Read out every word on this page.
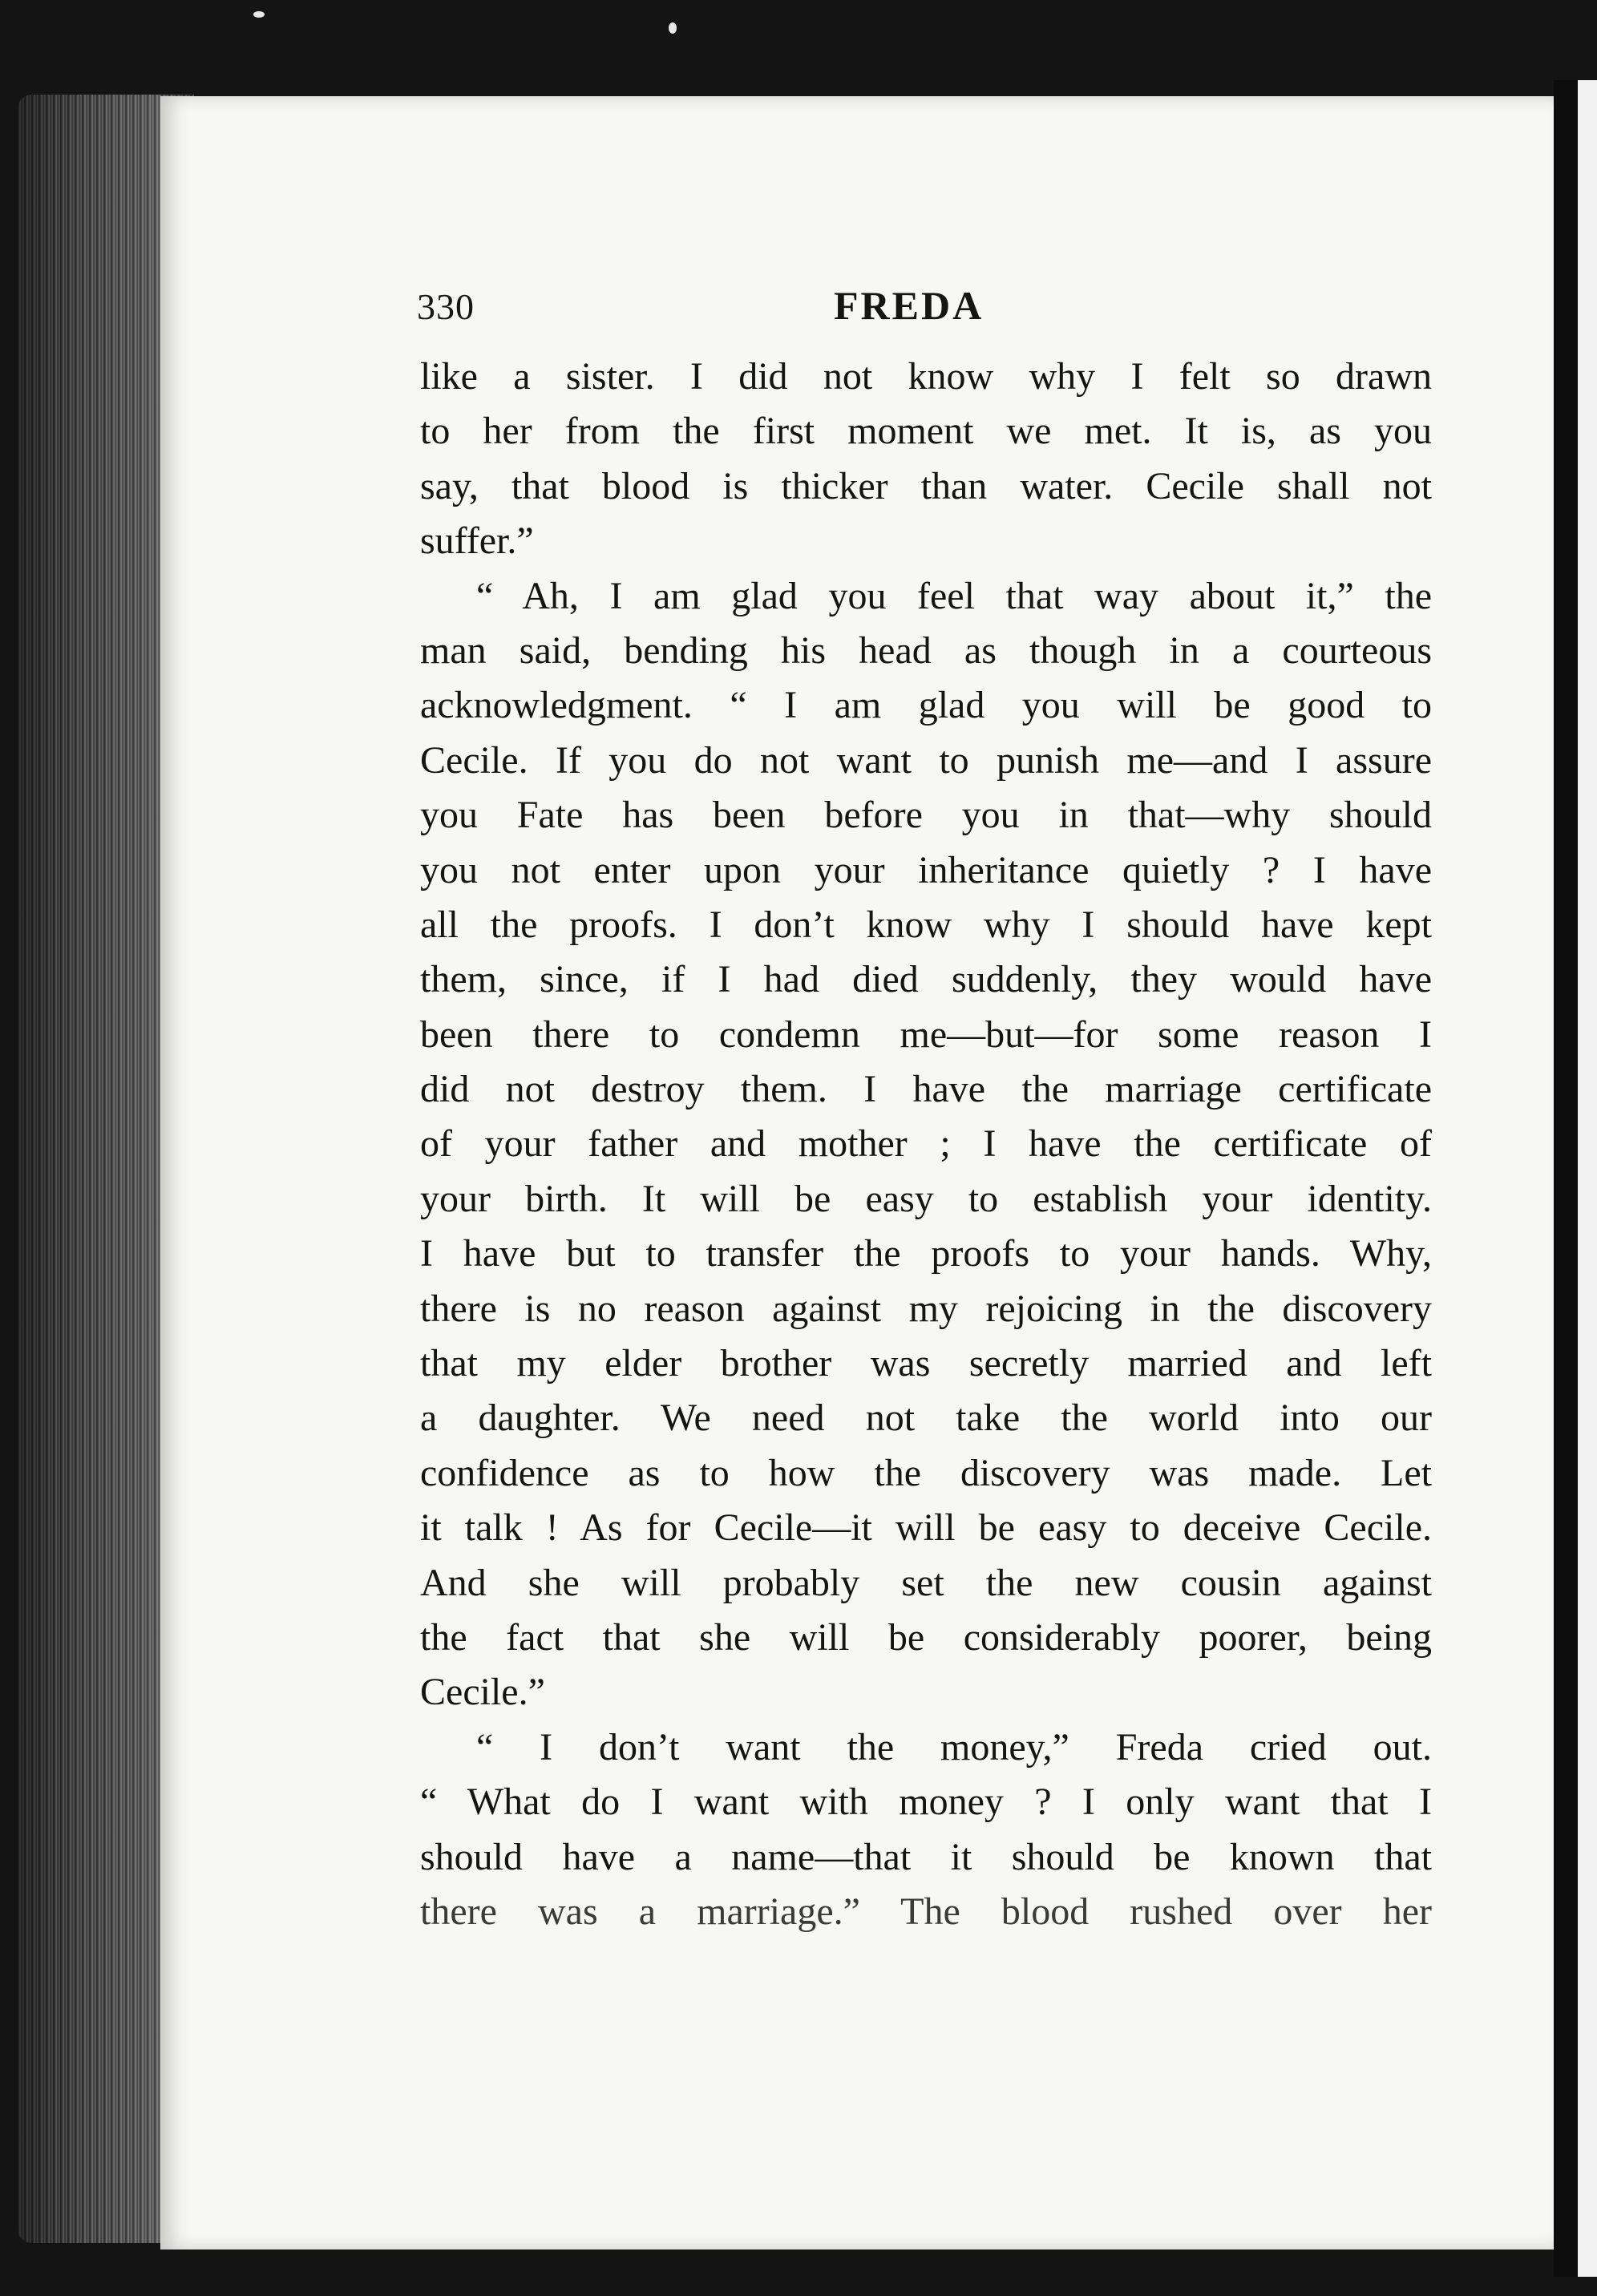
330	FREDA
like a sister. I did not know why I felt so drawn
to her from the first moment we met. It is, as you
say, that blood is thicker than water. Cecile shall not
suffer.”
“ Ah, I am glad you feel that way about it,” the
man said, bending his head as though in a courteous
acknowledgment. “ I am glad you will be good to
Cecile. If you do not want to punish me—and I assure
you Fate has been before you in that—why should
you not enter upon your inheritance quietly ? I have
all the proofs. I don’t know why I should have kept
them, since, if I had died suddenly, they would have
been there to condemn me—but—for some reason I
did not destroy them. I have the marriage certificate
of your father and mother ; I have the certificate of
your birth. It will be easy to establish your identity.
I have but to transfer the proofs to your hands. Why,
there is no reason against my rejoicing in the discovery
that my elder brother was secretly married and left
a daughter. We need not take the world into our
confidence as to how the discovery was made. Let
it talk ! As for Cecile—it will be easy to deceive Cecile.
And she will probably set the new cousin against
the fact that she will be considerably poorer, being
Cecile.”
“ I don’t want the money,” Freda cried out.
“ What do I want with money ? I only want that I
should have a name—that it should be known that
there was a marriage.” The blood rushed over her
